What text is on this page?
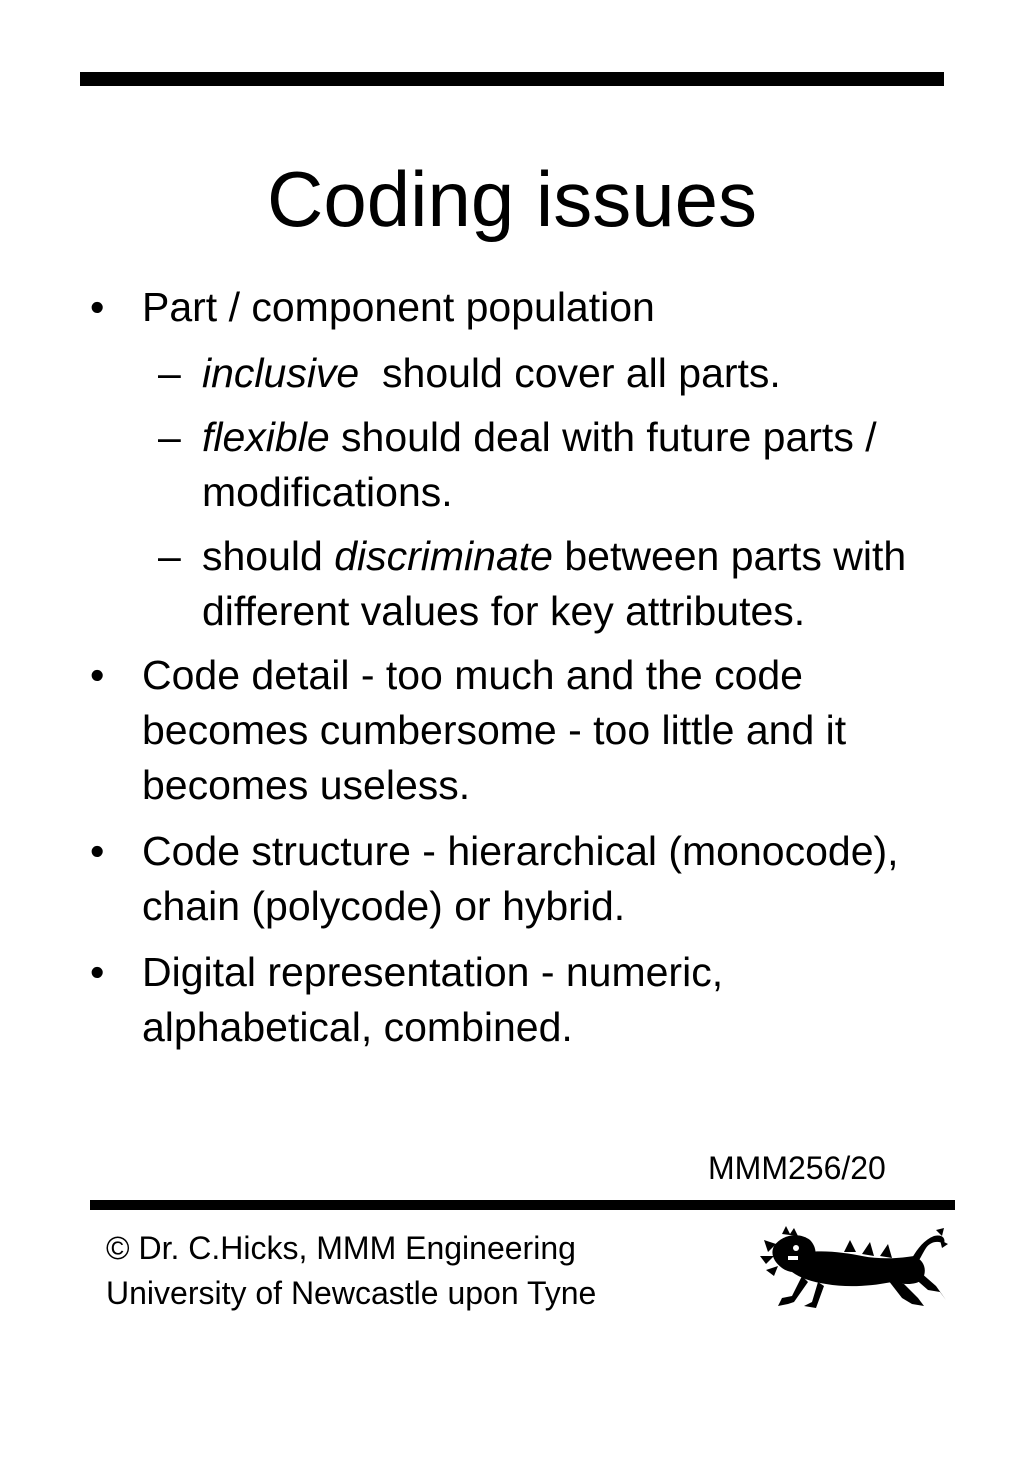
Coding issues
• Part / component population
– inclusive  should cover all parts.
– flexible should deal with future parts / modifications.
– should discriminate between parts with different values for key attributes.
• Code detail - too much and the code becomes cumbersome - too little and it becomes useless.
• Code structure - hierarchical (monocode), chain (polycode) or hybrid.
• Digital representation - numeric, alphabetical, combined.
MMM256/20
© Dr. C.Hicks, MMM Engineering
University of Newcastle upon Tyne
